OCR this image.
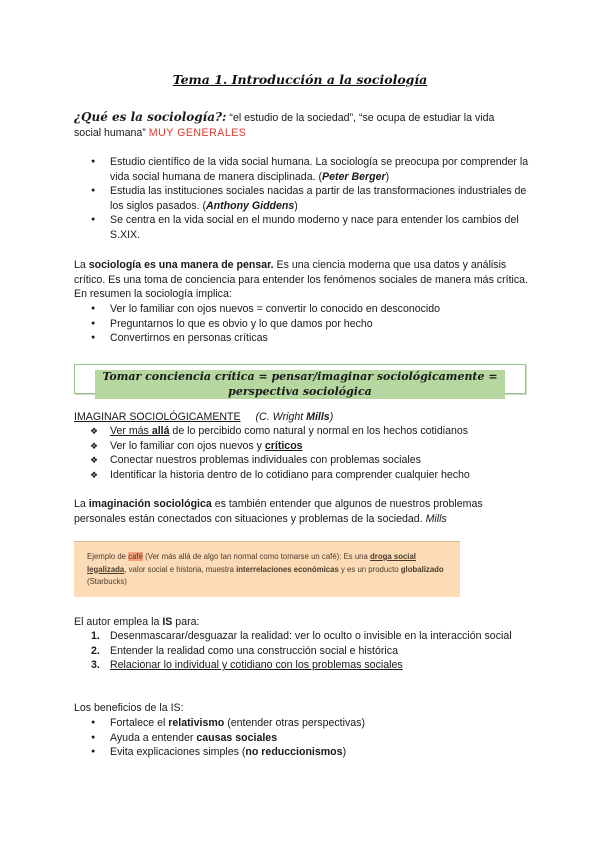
Tema 1. Introducción a la sociología
¿Qué es la sociología?: “el estudio de la sociedad”, “se ocupa de estudiar la vida social humana” MUY GENERALES
● Estudio científico de la vida social humana. La sociología se preocupa por comprender la vida social humana de manera disciplinada. (Peter Berger)
● Estudia las instituciones sociales nacidas a partir de las transformaciones industriales de los siglos pasados. (Anthony Giddens)
● Se centra en la vida social en el mundo moderno y nace para entender los cambios del S.XIX.
La sociología es una manera de pensar. Es una ciencia moderna que usa datos y análisis crítico. Es una toma de conciencia para entender los fenómenos sociales de manera más crítica. En resumen la sociología implica:
● Ver lo familiar con ojos nuevos = convertir lo conocido en desconocido
● Preguntarnos lo que es obvio y lo que damos por hecho
● Convertirnos en personas críticas
Tomar conciencia crítica = pensar/imaginar sociológicamente = perspectiva sociológica
IMAGINAR SOCIOLÓGICAMENTE (C. Wright Mills)
❖ Ver más allá de lo percibido como natural y normal en los hechos cotidianos
❖ Ver lo familiar con ojos nuevos y críticos
❖ Conectar nuestros problemas individuales con problemas sociales
❖ Identificar la historia dentro de lo cotidiano para comprender cualquier hecho
La imaginación sociológica es también entender que algunos de nuestros problemas personales están conectados con situaciones y problemas de la sociedad. Mills
Ejemplo de café (Ver más allá de algo tan normal como tomarse un café): Es una droga social legalizada, valor social e historia, muestra interrelaciones económicas y es un producto globalizado (Starbucks)
El autor emplea la IS para:
1. Desenmascarar/desguazar la realidad: ver lo oculto o invisible en la interacción social
2. Entender la realidad como una construcción social e histórica
3. Relacionar lo individual y cotidiano con los problemas sociales
Los beneficios de la IS:
● Fortalece el relativismo (entender otras perspectivas)
● Ayuda a entender causas sociales
● Evita explicaciones simples (no reduccionismos)
